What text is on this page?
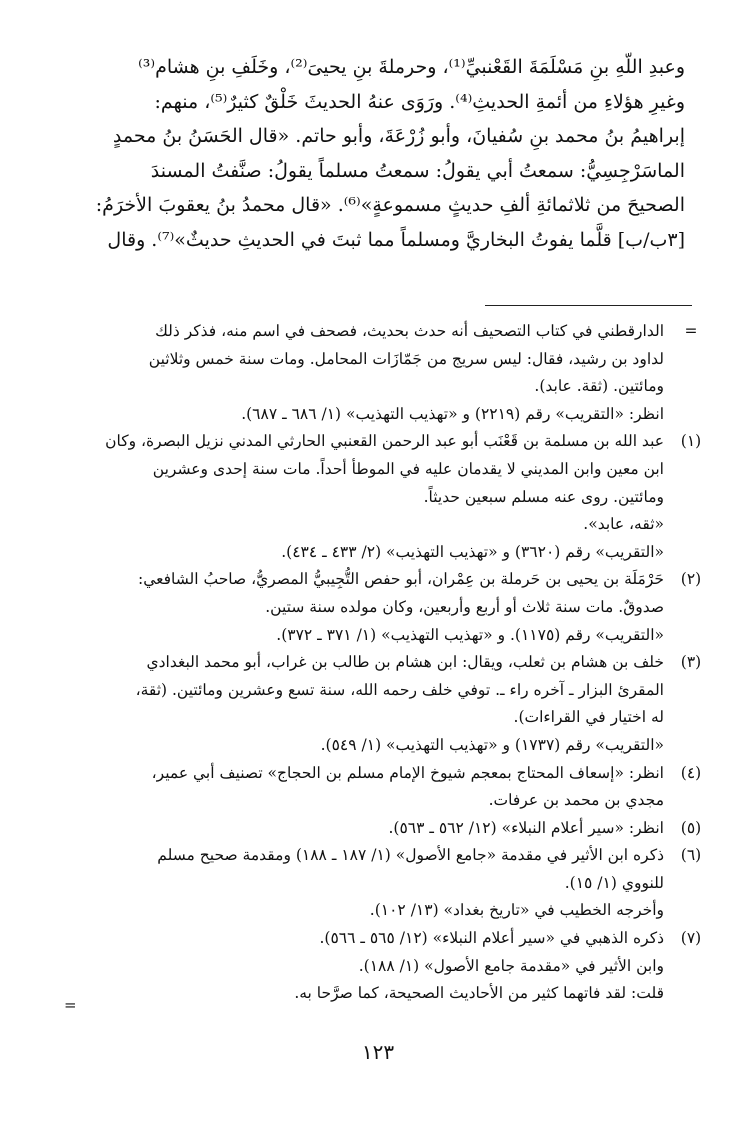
وعبدِ اللّهِ بنِ مَسْلَمَةَ القَعْنبيِّ⁽¹⁾، وحرملةَ بنِ يحيىَ⁽²⁾، وخَلَفِ بنِ هشام⁽³⁾
وغيرِ هؤلاءِ من أئمةِ الحديثِ⁽⁴⁾. ورَوَى عنهُ الحديثَ خَلْقٌ كثيرٌ⁽⁵⁾، منهم:
إبراهيمُ بنُ محمد بنِ سُفيانَ، وأبو زُرْعَةَ، وأبو حاتم. «قال الحَسَنُ بنُ محمدٍ
الماسَرْجِسِيُّ: سمعتُ أبي يقولُ: سمعتُ مسلماً يقولُ: صنَّفتُ المسندَ
الصحيحَ من ثلاثمائةِ ألفِ حديثٍ مسموعةٍ»⁽⁶⁾. «قال محمدُ بنُ يعقوبَ الأخرَمُ:
[٣ب/ب] قلَّما يفوتُ البخاريَّ ومسلماً مما ثبتَ في الحديثِ حديثٌ»⁽⁷⁾. وقال
=
الدارقطني في كتاب التصحيف أنه حدث بحديث، فصحف في اسم منه، فذكر ذلك
لداود بن رشيد، فقال: ليس سريج من جَمّازَات المحامل. ومات سنة خمس وثلاثين
ومائتين. (ثقة. عابد).
انظر: «التقريب» رقم (٢٢١٩) و «تهذيب التهذيب» (١/ ٦٨٦ ـ ٦٨٧).
(١)
عبد الله بن مسلمة بن قَعْنَب أبو عبد الرحمن القعنبي الحارثي المدني نزيل البصرة، وكان
ابن معين وابن المديني لا يقدمان عليه في الموطأ أحداً. مات سنة إحدى وعشرين
ومائتين. روى عنه مسلم سبعين حديثاً.
«ثقه، عابد».
«التقريب» رقم (٣٦٢٠) و «تهذيب التهذيب» (٢/ ٤٣٣ ـ ٤٣٤).
(٢)
حَرْمَلَة بن يحيى بن حَرملة بن عِمْران، أبو حفص التُّجِيبيُّ المصريُّ، صاحبُ الشافعي:
صدوقٌ. مات سنة ثلاث أو أربع وأربعين، وكان مولده سنة ستين.
«التقريب» رقم (١١٧٥). و «تهذيب التهذيب» (١/ ٣٧١ ـ ٣٧٢).
(٣)
خلف بن هشام بن ثعلب، ويقال: ابن هشام بن طالب بن غراب، أبو محمد البغدادي
المقرئ البزار ـ آخره راء ـ. توفي خلف رحمه الله، سنة تسع وعشرين ومائتين. (ثقة،
له اختيار في القراءات).
«التقريب» رقم (١٧٣٧) و «تهذيب التهذيب» (١/ ٥٤٩).
(٤)
انظر: «إسعاف المحتاج بمعجم شيوخ الإمام مسلم بن الحجاج» تصنيف أبي عمير،
مجدي بن محمد بن عرفات.
(٥)
انظر: «سير أعلام النبلاء» (١٢/ ٥٦٢ ـ ٥٦٣).
(٦)
ذكره ابن الأثير في مقدمة «جامع الأصول» (١/ ١٨٧ ـ ١٨٨) ومقدمة صحيح مسلم
للنووي (١/ ١٥).
وأخرجه الخطيب في «تاريخ بغداد» (١٣/ ١٠٢).
(٧)
ذكره الذهبي في «سير أعلام النبلاء» (١٢/ ٥٦٥ ـ ٥٦٦).
وابن الأثير في «مقدمة جامع الأصول» (١/ ١٨٨).
قلت: لقد فاتهما كثير من الأحاديث الصحيحة، كما صرَّحا به.
=
١٢٣
